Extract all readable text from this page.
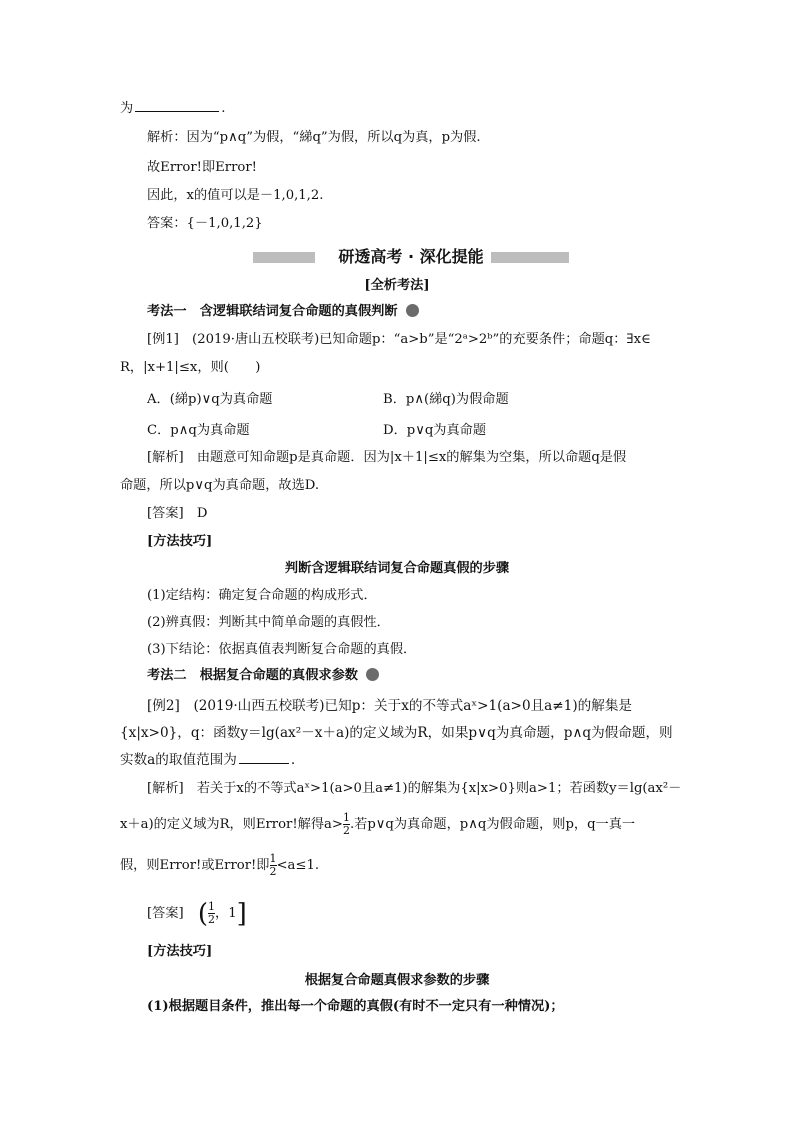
为	.
解析：因为“p∧q”为假，“綈q”为假，所以q为真，p为假.
故Error!即Error!
因此，x的值可以是－1,0,1,2.
答案：{－1,0,1,2}
研透高考 · 深化提能
[全析考法]
考法一　含逻辑联结词复合命题的真假判断
[例1]　(2019·唐山五校联考)已知命题p：“a>b”是“2ᵃ>2ᵇ”的充要条件；命题q：∃x∈
R，|x+1|≤x，则(　　)
A．(綈p)∨q为真命题	B．p∧(綈q)为假命题
C．p∧q为真命题	D．p∨q为真命题
[解析]　由题意可知命题p是真命题．因为|x＋1|≤x的解集为空集，所以命题q是假
命题，所以p∨q为真命题，故选D.
[答案]　D
[方法技巧]
判断含逻辑联结词复合命题真假的步骤
(1)定结构：确定复合命题的构成形式．
(2)辨真假：判断其中简单命题的真假性．
(3)下结论：依据真值表判断复合命题的真假．
考法二　根据复合命题的真假求参数
[例2]　(2019·山西五校联考)已知p：关于x的不等式aˣ>1(a>0且a≠1)的解集是
{x|x>0}，q：函数y＝lg(ax²－x＋a)的定义域为R，如果p∨q为真命题，p∧q为假命题，则
实数a的取值范围为	.
[解析]　若关于x的不等式aˣ>1(a>0且a≠1)的解集为{x|x>0}则a>1；若函数y＝lg(ax²－
x＋a)的定义域为R，则Error!解得$a> \frac{1}{2}$ .若p∨q为真命题，p∧q为假命题，则p，q一真一
假，则Error!或Error!即 $\frac{1}{2} <a\le 1$.
[答案] ( $\frac{1}{2}$ ，1]
[方法技巧]
根据复合命题真假求参数的步骤
(1)根据题目条件，推出每一个命题的真假(有时不一定只有一种情况)；
